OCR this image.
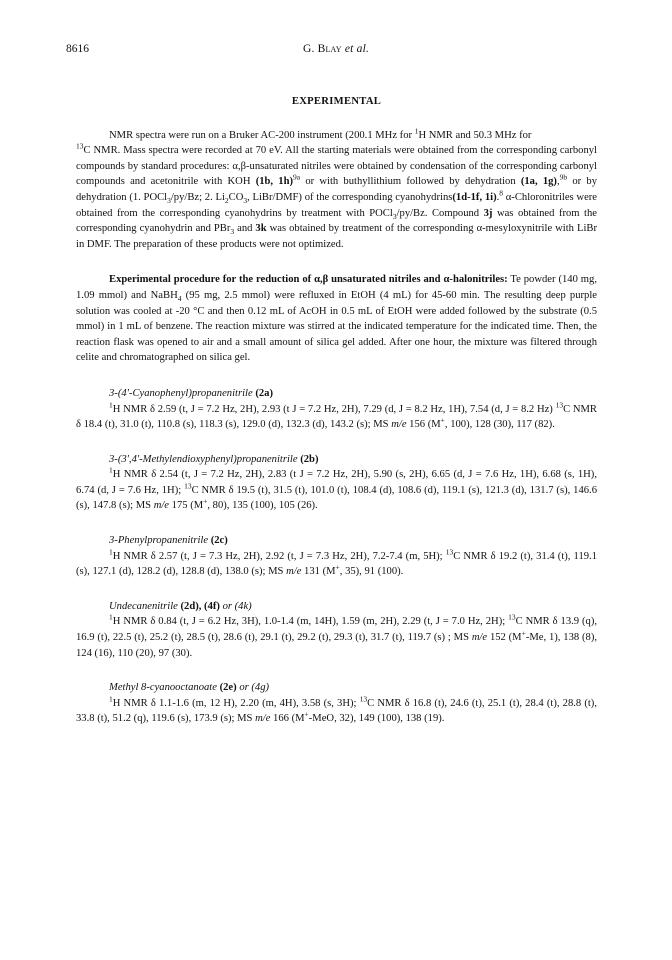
8616	G. Blay et al.
EXPERIMENTAL

NMR spectra were run on a Bruker AC-200 instrument (200.1 MHz for $^1$H NMR and 50.3 MHz for
$^{13}$C NMR. Mass spectra were recorded at 70 eV. All the starting materials were obtained from the corresponding carbonyl compounds by standard procedures: α,β-unsaturated nitriles were obtained by condensation of the corresponding carbonyl compounds and acetonitrile with KOH (1b, 1h)$^{9a}$ or with buthyllithium followed by dehydration (1a, 1g),$^{9b}$ or by dehydration (1. POCl$_3$/py/Bz; 2. $Li_2CO_3$, LiBr/DMF) of the corresponding cyanohydrins(1d-1f, 1i).$^8$ α-Chloronitriles were obtained from the corresponding cyanohydrins by treatment with POCl$_3$/py/Bz. Compound 3j was obtained from the corresponding cyanohydrin and PBr$_3$ and 3k was obtained by treatment of the corresponding α-mesyloxynitrile with LiBr in DMF. The preparation of these products were not optimized.

Experimental procedure for the reduction of α,β unsaturated nitriles and α-halonitriles: Te powder (140 mg, 1.09 mmol) and NaBH$_4$ (95 mg, 2.5 mmol) were refluxed in EtOH (4 mL) for 45-60 min. The resulting deep purple solution was cooled at -20 °C and then 0.12 mL of AcOH in 0.5 mL of EtOH were added followed by the substrate (0.5 mmol) in 1 mL of benzene. The reaction mixture was stirred at the indicated temperature for the indicated time. Then, the reaction flask was opened to air and a small amount of silica gel added. After one hour, the mixture was filtered through celite and chromatographed on silica gel.

3-(4'-Cyanophenyl)propanenitrile (2a)

$^1$H NMR δ 2.59 (t, J = 7.2 Hz, 2H), 2.93 (t J = 7.2 Hz, 2H), 7.29 (d, J = 8.2 Hz, 1H), 7.54 (d, J = 8.2 Hz) $^{13}$C NMR δ 18.4 (t), 31.0 (t), 110.8 (s), 118.3 (s), 129.0 (d), 132.3 (d), 143.2 (s); MS m/e 156 (M+, 100), 128 (30), 117 (82).

3-(3',4'-Methylendioxyphenyl)propanenitrile (2b)

$^1$H NMR δ 2.54 (t, J = 7.2 Hz, 2H), 2.83 (t J = 7.2 Hz, 2H), 5.90 (s, 2H), 6.65 (d, J = 7.6 Hz, 1H), 6.68 (s, 1H), 6.74 (d, J = 7.6 Hz, 1H); $^{13}$C NMR δ 19.5 (t), 31.5 (t), 101.0 (t), 108.4 (d), 108.6 (d), 119.1 (s), 121.3 (d), 131.7 (s), 146.6 (s), 147.8 (s); MS m/e 175 (M+, 80), 135 (100), 105 (26).

3-Phenylpropanenitrile (2c)

$^1$H NMR δ 2.57 (t, J = 7.3 Hz, 2H), 2.92 (t, J = 7.3 Hz, 2H), 7.2-7.4 (m, 5H); $^{13}$C NMR δ 19.2 (t), 31.4 (t), 119.1 (s), 127.1 (d), 128.2 (d), 128.8 (d), 138.0 (s); MS m/e 131 (M+, 35), 91 (100).

Undecanenitrile (2d), (4f) or (4k)

$^1$H NMR δ 0.84 (t, J = 6.2 Hz, 3H), 1.0-1.4 (m, 14H), 1.59 (m, 2H), 2.29 (t, J = 7.0 Hz, 2H); $^{13}$C NMR δ 13.9 (q), 16.9 (t), 22.5 (t), 25.2 (t), 28.5 (t), 28.6 (t), 29.1 (t), 29.2 (t), 29.3 (t), 31.7 (t), 119.7 (s) ; MS m/e 152 (M+-Me, 1), 138 (8), 124 (16), 110 (20), 97 (30).

Methyl 8-cyanooctanoate (2e) or (4g)

$^1$H NMR δ 1.1-1.6 (m, 12 H), 2.20 (m, 4H), 3.58 (s, 3H); $^{13}$C NMR δ 16.8 (t), 24.6 (t), 25.1 (t), 28.4 (t), 28.8 (t), 33.8 (t), 51.2 (q), 119.6 (s), 173.9 (s); MS m/e 166 (M+-MeO, 32), 149 (100), 138 (19).
